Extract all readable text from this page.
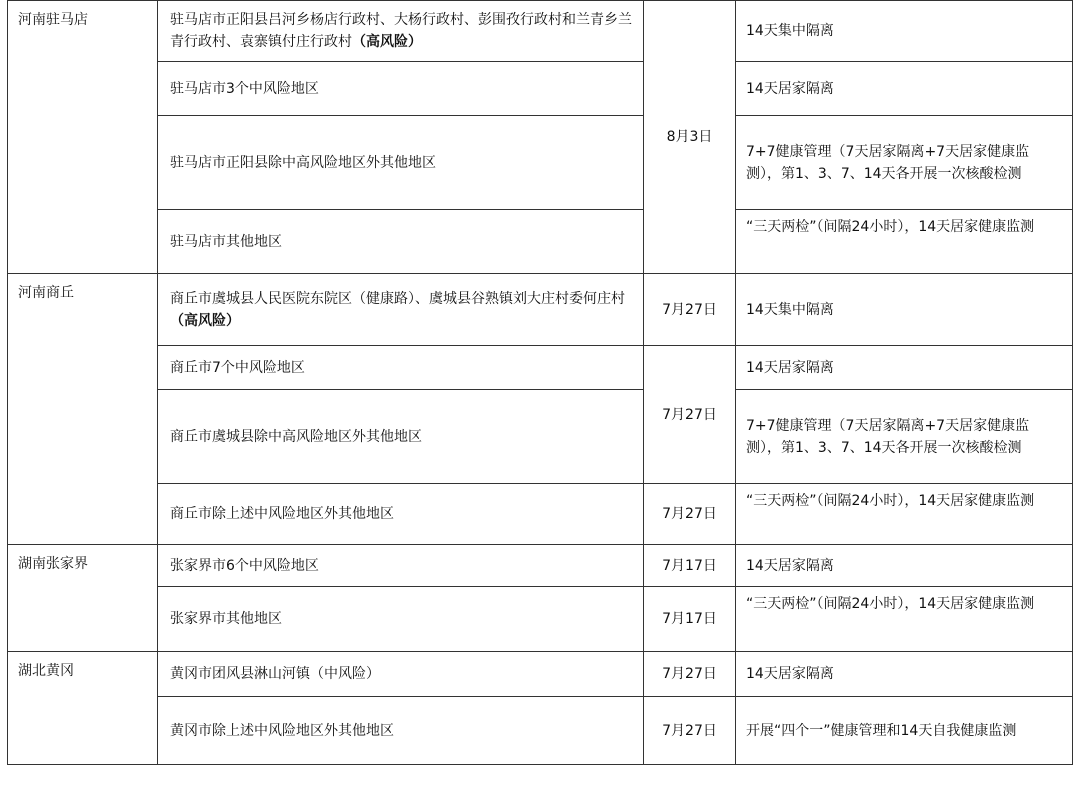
河南驻马店	驻马店市正阳县吕河乡杨店行政村、大杨行政村、彭围孜行政村和兰青乡兰青行政村、袁寨镇付庄行政村（高风险）	8月3日	14天集中隔离
	驻马店市3个中风险地区		14天居家隔离
	驻马店市正阳县除中高风险地区外其他地区		7+7健康管理（7天居家隔离+7天居家健康监测），第1、3、7、14天各开展一次核酸检测
	驻马店市其他地区		“三天两检”（间隔24小时），14天居家健康监测
河南商丘	商丘市虞城县人民医院东院区（健康路）、虞城县谷熟镇刘大庄村委何庄村（高风险）	7月27日	14天集中隔离
	商丘市7个中风险地区	7月27日	14天居家隔离
	商丘市虞城县除中高风险地区外其他地区		7+7健康管理（7天居家隔离+7天居家健康监测），第1、3、7、14天各开展一次核酸检测
	商丘市除上述中风险地区外其他地区	7月27日	“三天两检”（间隔24小时），14天居家健康监测
湖南张家界	张家界市6个中风险地区	7月17日	14天居家隔离
	张家界市其他地区	7月17日	“三天两检”（间隔24小时），14天居家健康监测
湖北黄冈	黄冈市团风县淋山河镇（中风险）	7月27日	14天居家隔离
	黄冈市除上述中风险地区外其他地区	7月27日	开展“四个一”健康管理和14天自我健康监测
